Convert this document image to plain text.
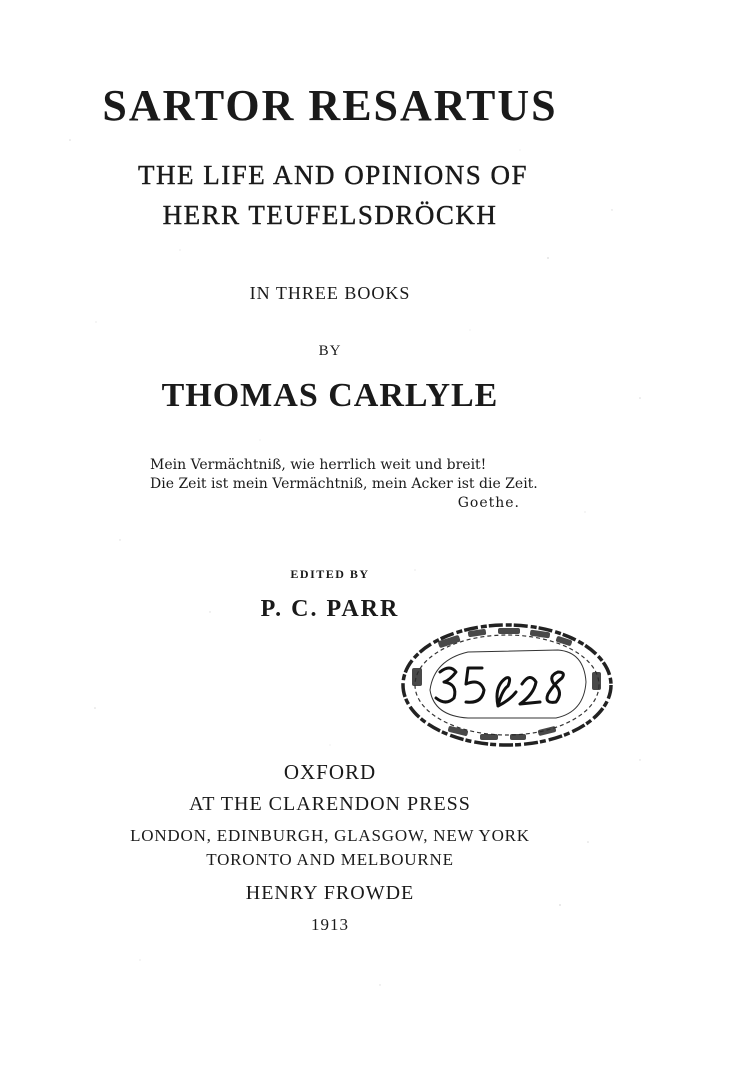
SARTOR RESARTUS
THE LIFE AND OPINIONS OF
HERR TEUFELSDRÖCKH
IN THREE BOOKS
BY
THOMAS CARLYLE
Mein Vermächtniß, wie herrlich weit und breit!
Die Zeit ist mein Vermächtniß, mein Acker ist die Zeit.
Goethe.
EDITED BY
P. C. PARR
OXFORD
AT THE CLARENDON PRESS
LONDON, EDINBURGH, GLASGOW, NEW YORK
TORONTO AND MELBOURNE
HENRY FROWDE
1913
